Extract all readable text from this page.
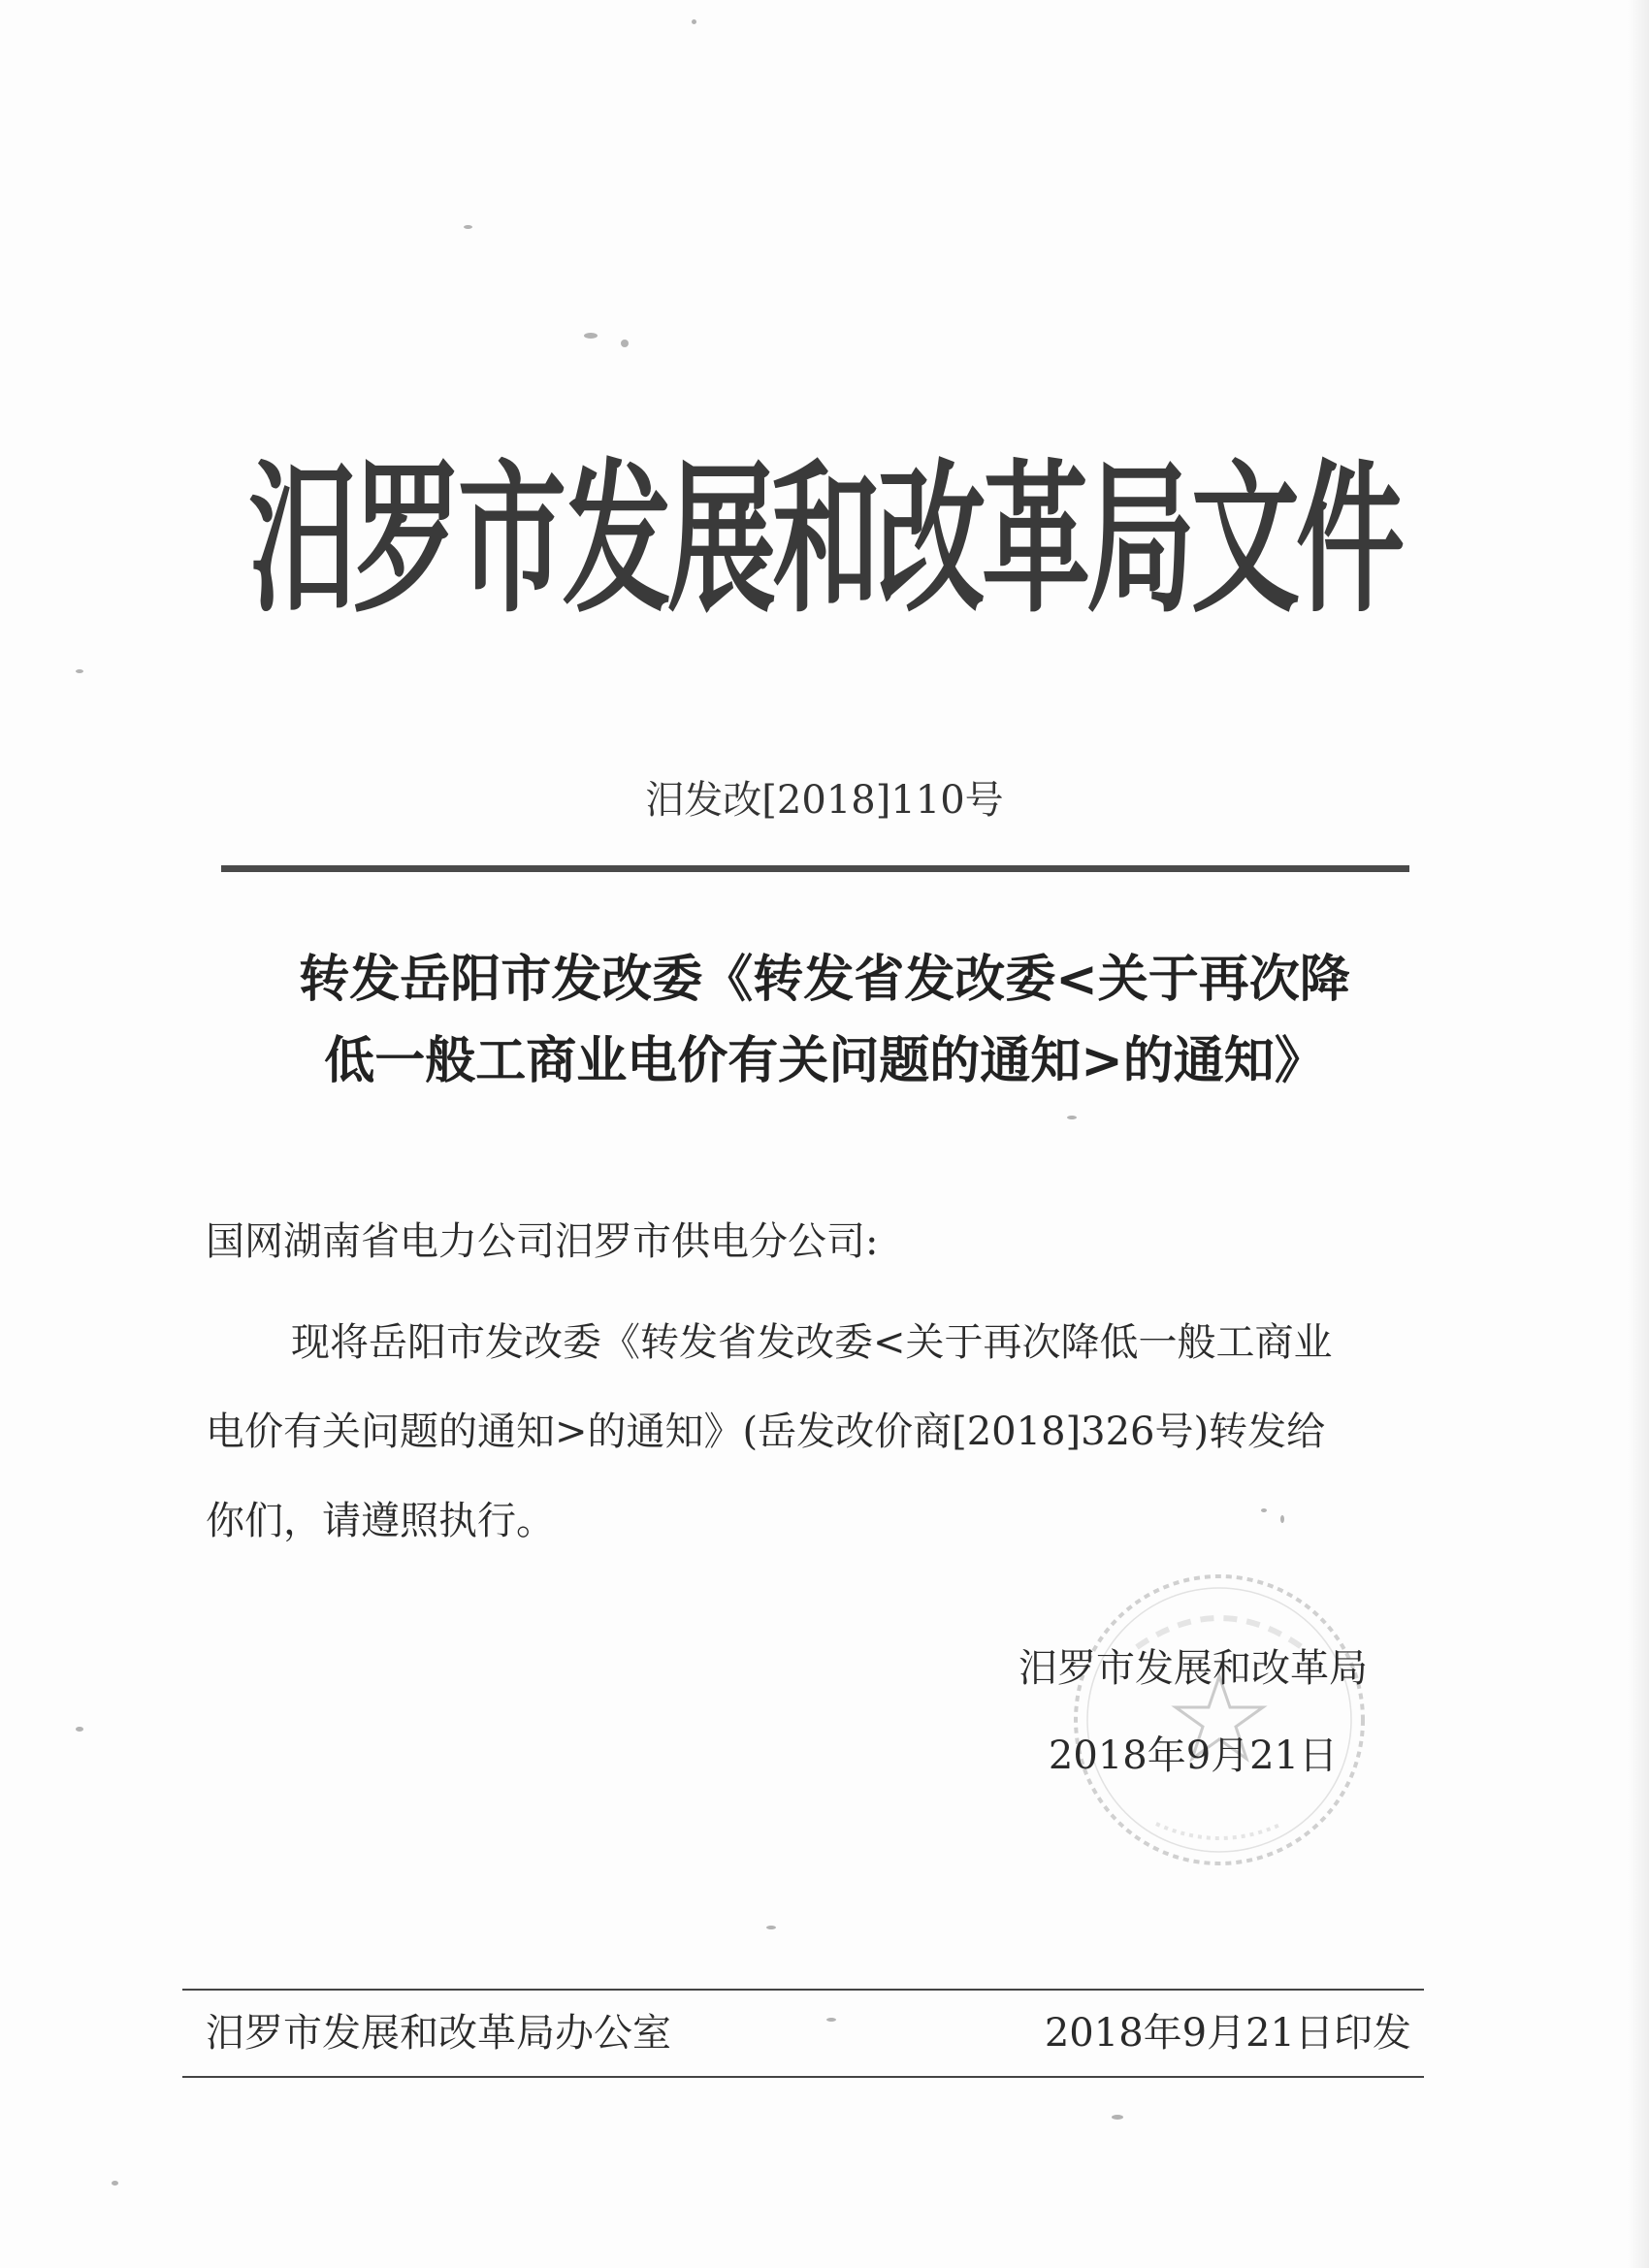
汨罗市发展和改革局文件
汨发改[2018]110号
转发岳阳市发改委《转发省发改委<关于再次降
低一般工商业电价有关问题的通知>的通知》
国网湖南省电力公司汨罗市供电分公司:
现将岳阳市发改委《转发省发改委<关于再次降低一般工商业
电价有关问题的通知>的通知》(岳发改价商[2018]326号)转发给
你们，请遵照执行。
汨罗市发展和改革局
2018年9月21日
汨罗市发展和改革局办公室	2018年9月21日印发
